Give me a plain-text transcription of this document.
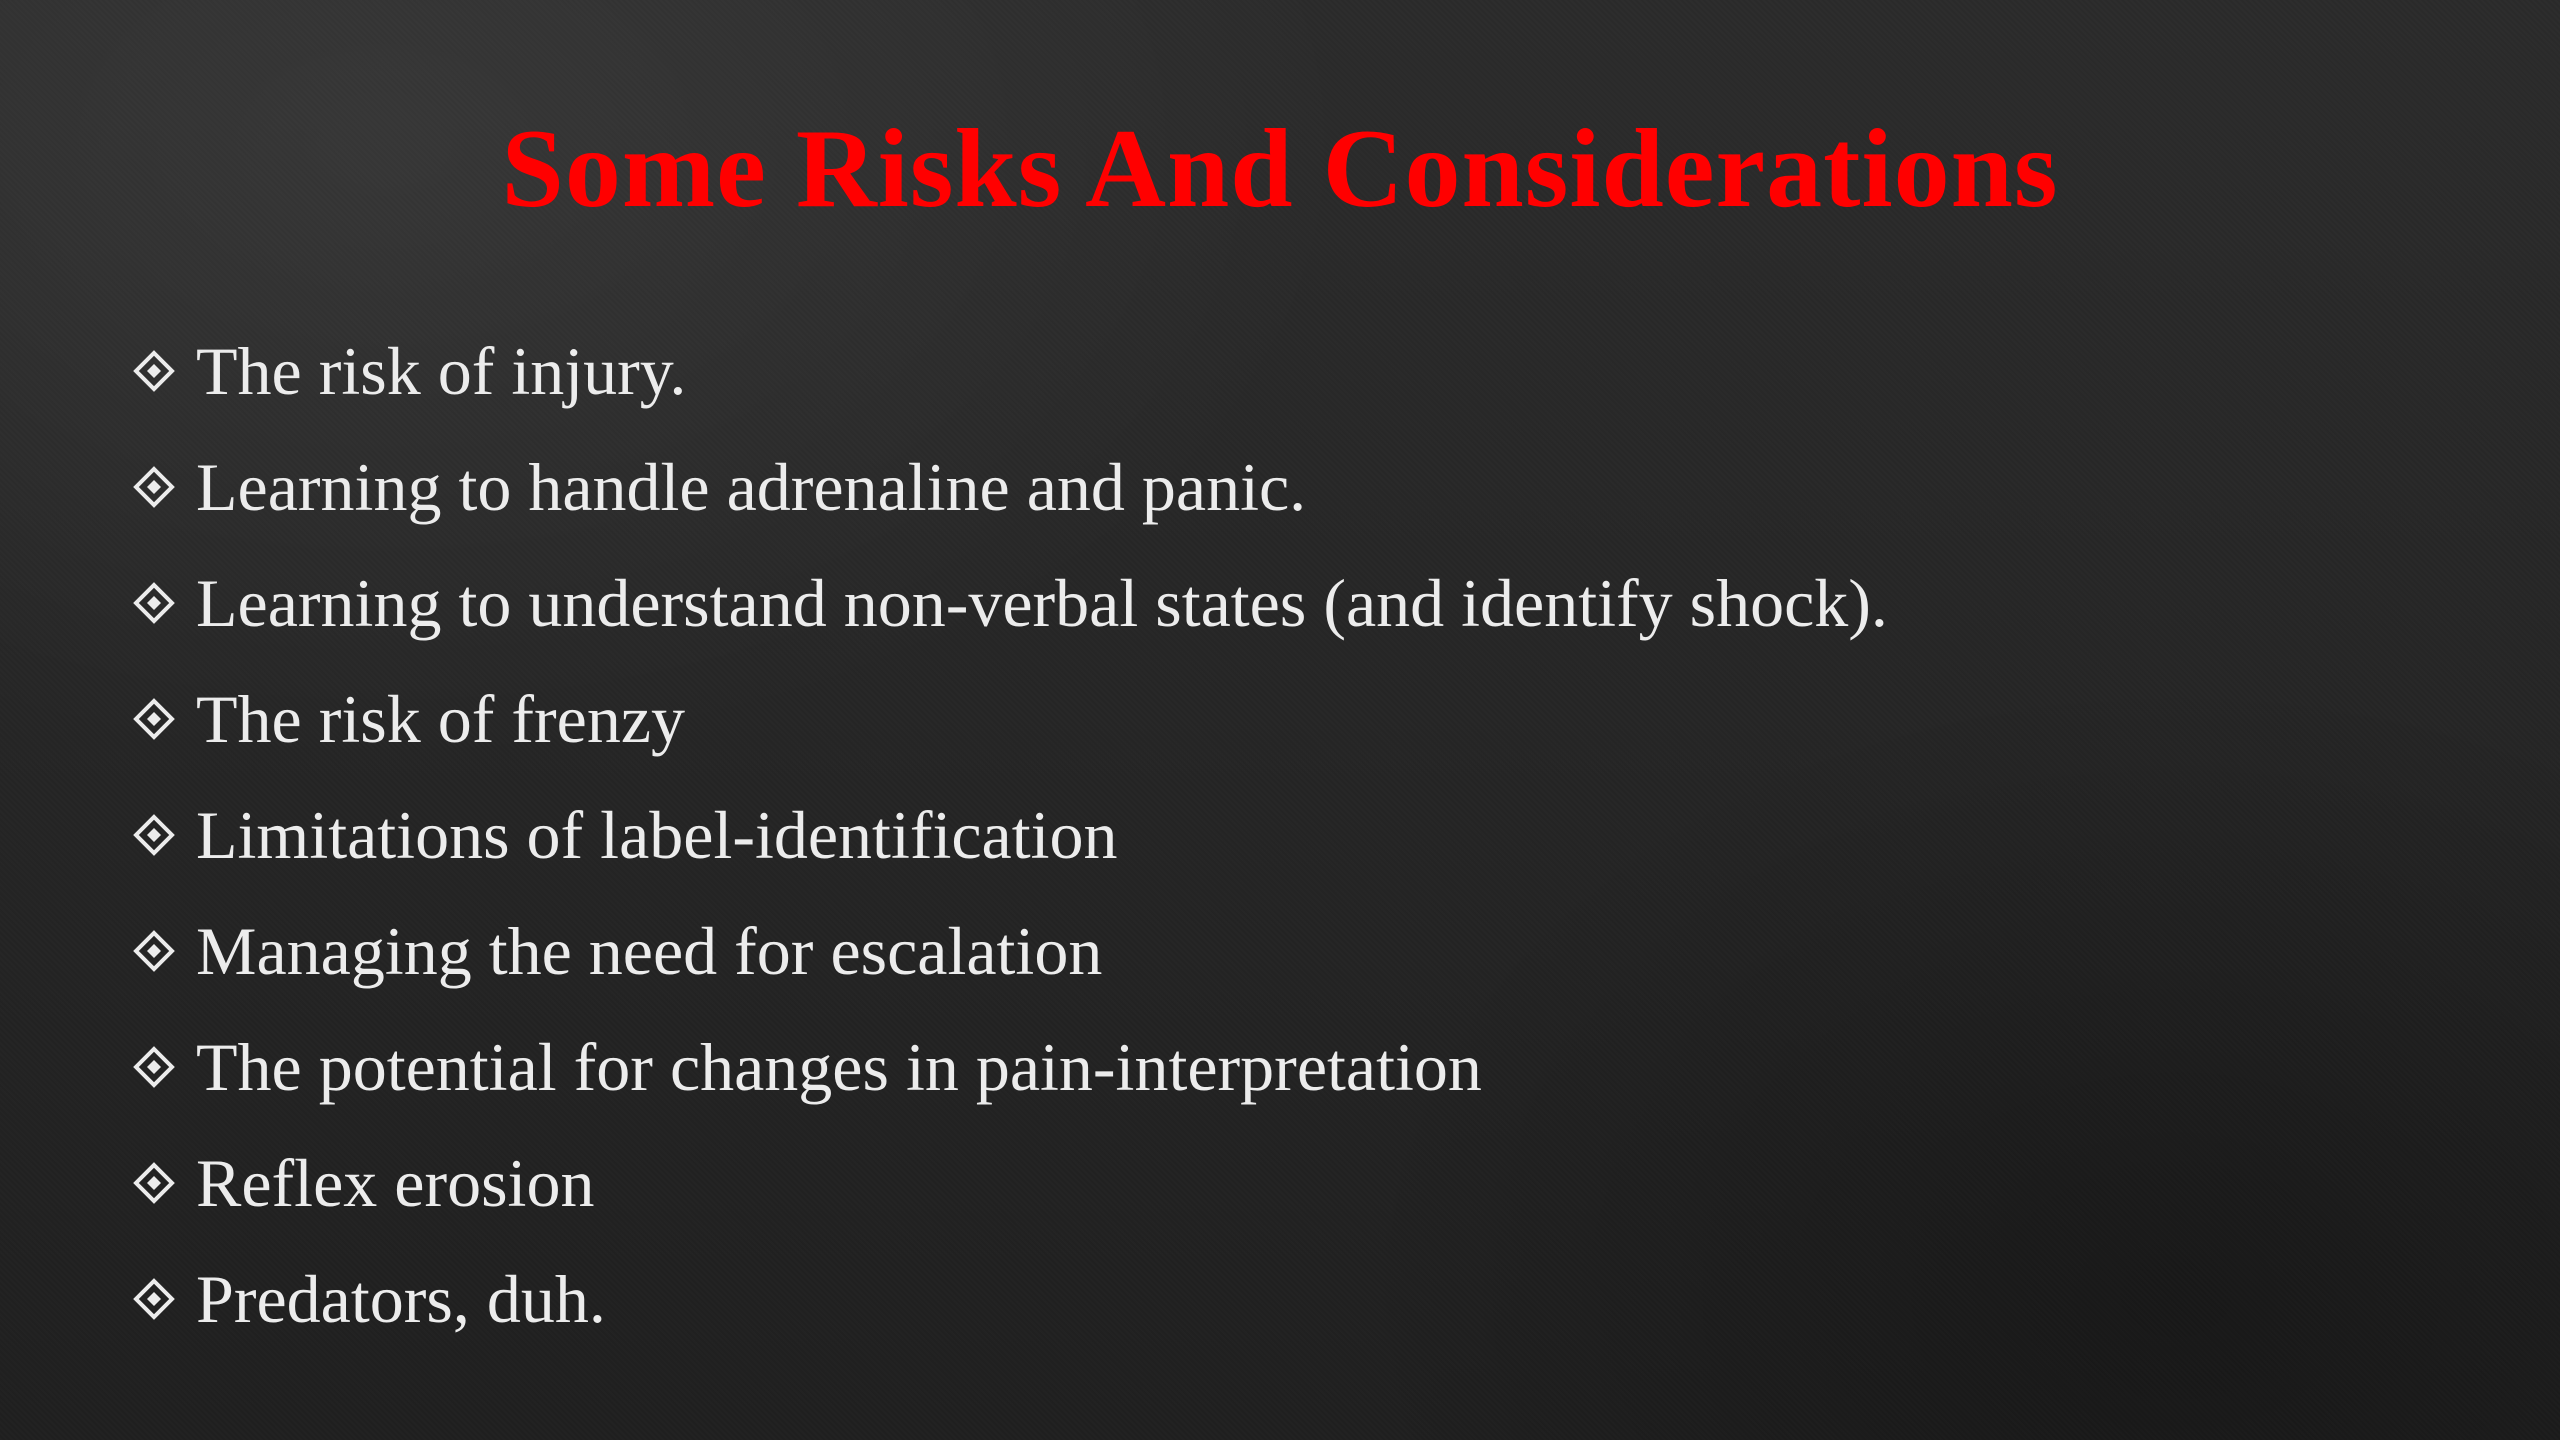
Some Risks And Considerations
The risk of injury.
Learning to handle adrenaline and panic.
Learning to understand non-verbal states (and identify shock).
The risk of frenzy
Limitations of label-identification
Managing the need for escalation
The potential for changes in pain-interpretation
Reflex erosion
Predators, duh.
